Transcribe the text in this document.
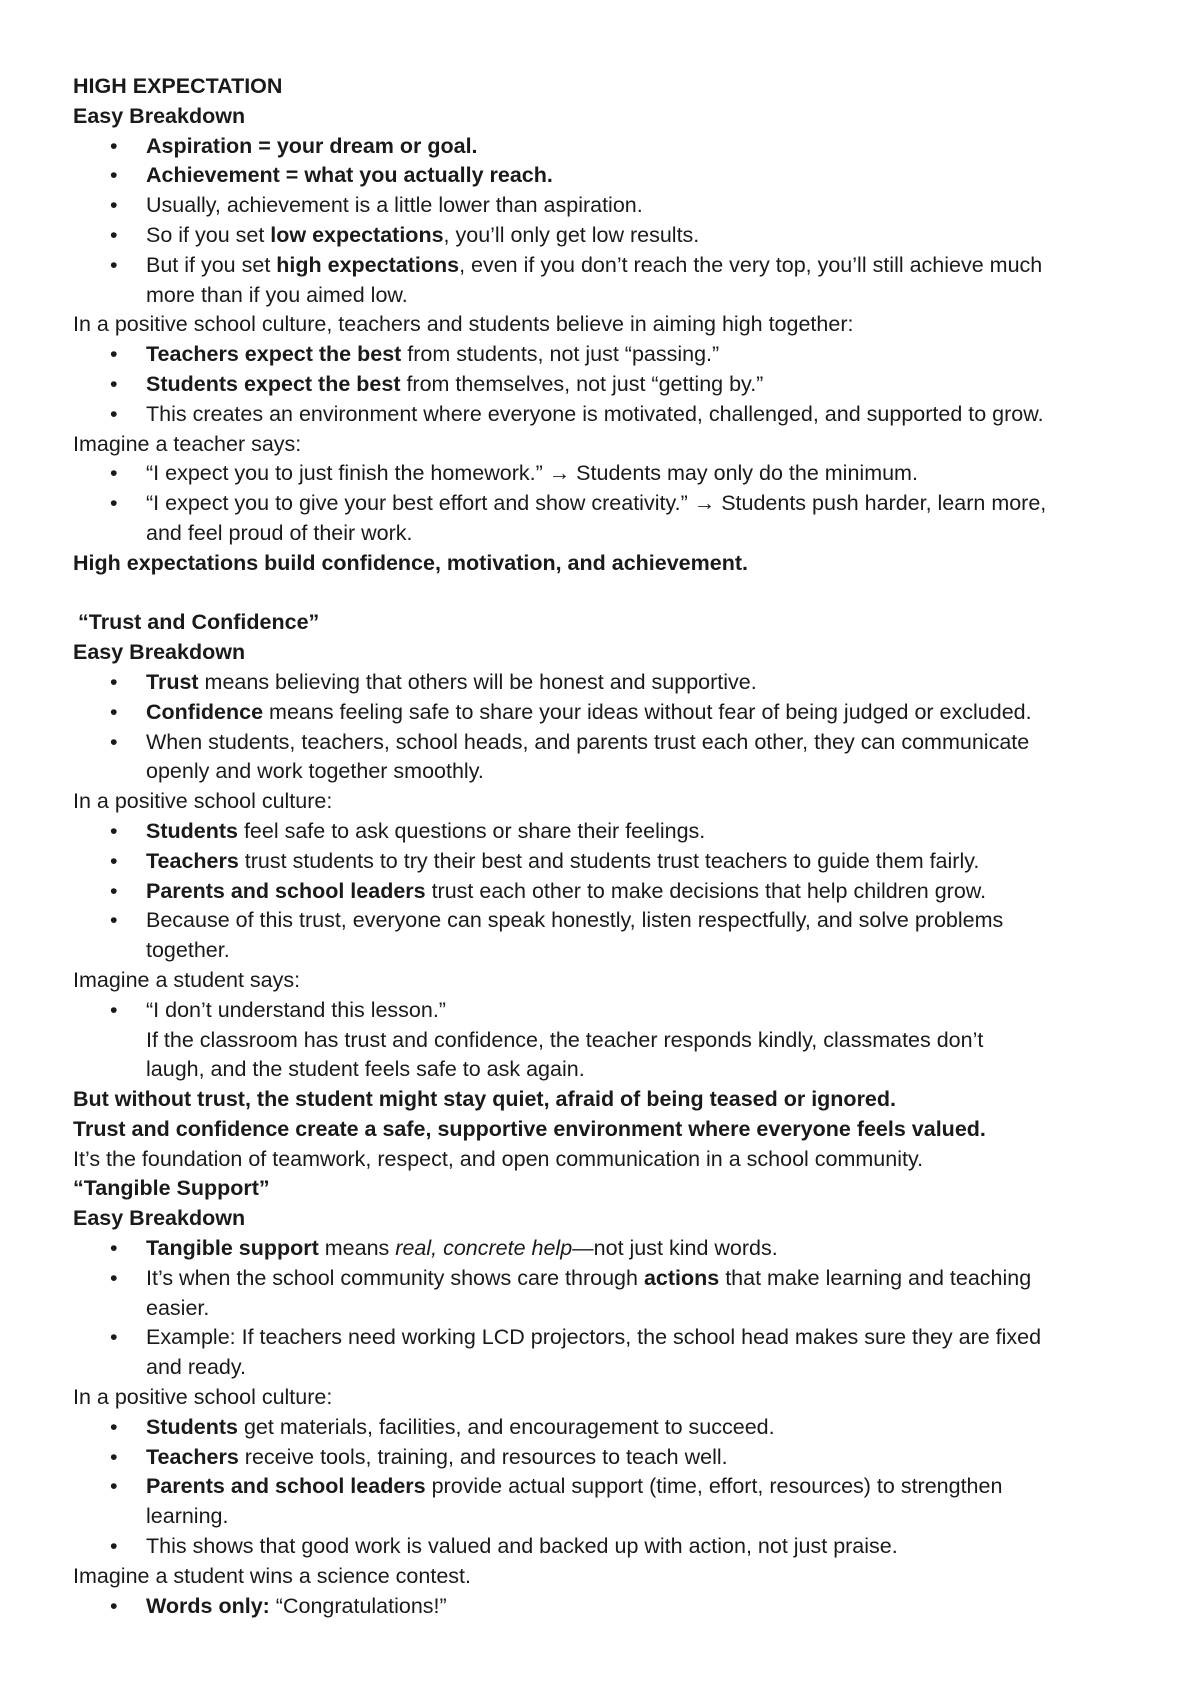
HIGH EXPECTATION
Easy Breakdown
• Aspiration = your dream or goal.
• Achievement = what you actually reach.
• Usually, achievement is a little lower than aspiration.
• So if you set low expectations, you’ll only get low results.
• But if you set high expectations, even if you don’t reach the very top, you’ll still achieve much
more than if you aimed low.
In a positive school culture, teachers and students believe in aiming high together:
• Teachers expect the best from students, not just “passing.”
• Students expect the best from themselves, not just “getting by.”
• This creates an environment where everyone is motivated, challenged, and supported to grow.
Imagine a teacher says:
• “I expect you to just finish the homework.” → Students may only do the minimum.
• “I expect you to give your best effort and show creativity.” → Students push harder, learn more,
and feel proud of their work.
High expectations build confidence, motivation, and achievement.
“Trust and Confidence”
Easy Breakdown
• Trust means believing that others will be honest and supportive.
• Confidence means feeling safe to share your ideas without fear of being judged or excluded.
• When students, teachers, school heads, and parents trust each other, they can communicate
openly and work together smoothly.
In a positive school culture:
• Students feel safe to ask questions or share their feelings.
• Teachers trust students to try their best and students trust teachers to guide them fairly.
• Parents and school leaders trust each other to make decisions that help children grow.
• Because of this trust, everyone can speak honestly, listen respectfully, and solve problems
together.
Imagine a student says:
• “I don’t understand this lesson.”
If the classroom has trust and confidence, the teacher responds kindly, classmates don’t
laugh, and the student feels safe to ask again.
But without trust, the student might stay quiet, afraid of being teased or ignored.
Trust and confidence create a safe, supportive environment where everyone feels valued.
It’s the foundation of teamwork, respect, and open communication in a school community.
“Tangible Support”
Easy Breakdown
• Tangible support means real, concrete help—not just kind words.
• It’s when the school community shows care through actions that make learning and teaching
easier.
• Example: If teachers need working LCD projectors, the school head makes sure they are fixed
and ready.
In a positive school culture:
• Students get materials, facilities, and encouragement to succeed.
• Teachers receive tools, training, and resources to teach well.
• Parents and school leaders provide actual support (time, effort, resources) to strengthen
learning.
• This shows that good work is valued and backed up with action, not just praise.
Imagine a student wins a science contest.
• Words only: “Congratulations!”
